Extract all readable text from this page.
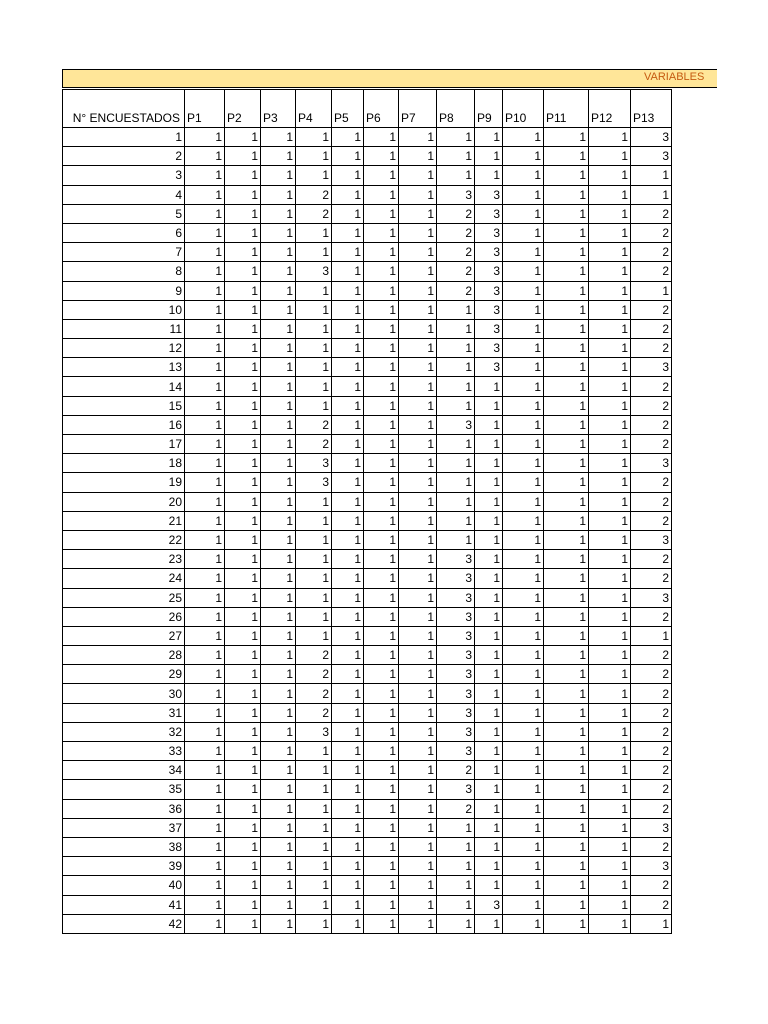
VARIABLES
N° ENCUESTADOS	P1	P2	P3	P4	P5	P6	P7	P8	P9	P10	P11	P12	P13
1	1	1	1	1	1	1	1	1	1	1	1	1	3
2	1	1	1	1	1	1	1	1	1	1	1	1	3
3	1	1	1	1	1	1	1	1	1	1	1	1	1
4	1	1	1	2	1	1	1	3	3	1	1	1	1
5	1	1	1	2	1	1	1	2	3	1	1	1	2
6	1	1	1	1	1	1	1	2	3	1	1	1	2
7	1	1	1	1	1	1	1	2	3	1	1	1	2
8	1	1	1	3	1	1	1	2	3	1	1	1	2
9	1	1	1	1	1	1	1	2	3	1	1	1	1
10	1	1	1	1	1	1	1	1	3	1	1	1	2
11	1	1	1	1	1	1	1	1	3	1	1	1	2
12	1	1	1	1	1	1	1	1	3	1	1	1	2
13	1	1	1	1	1	1	1	1	3	1	1	1	3
14	1	1	1	1	1	1	1	1	1	1	1	1	2
15	1	1	1	1	1	1	1	1	1	1	1	1	2
16	1	1	1	2	1	1	1	3	1	1	1	1	2
17	1	1	1	2	1	1	1	1	1	1	1	1	2
18	1	1	1	3	1	1	1	1	1	1	1	1	3
19	1	1	1	3	1	1	1	1	1	1	1	1	2
20	1	1	1	1	1	1	1	1	1	1	1	1	2
21	1	1	1	1	1	1	1	1	1	1	1	1	2
22	1	1	1	1	1	1	1	1	1	1	1	1	3
23	1	1	1	1	1	1	1	3	1	1	1	1	2
24	1	1	1	1	1	1	1	3	1	1	1	1	2
25	1	1	1	1	1	1	1	3	1	1	1	1	3
26	1	1	1	1	1	1	1	3	1	1	1	1	2
27	1	1	1	1	1	1	1	3	1	1	1	1	1
28	1	1	1	2	1	1	1	3	1	1	1	1	2
29	1	1	1	2	1	1	1	3	1	1	1	1	2
30	1	1	1	2	1	1	1	3	1	1	1	1	2
31	1	1	1	2	1	1	1	3	1	1	1	1	2
32	1	1	1	3	1	1	1	3	1	1	1	1	2
33	1	1	1	1	1	1	1	3	1	1	1	1	2
34	1	1	1	1	1	1	1	2	1	1	1	1	2
35	1	1	1	1	1	1	1	3	1	1	1	1	2
36	1	1	1	1	1	1	1	2	1	1	1	1	2
37	1	1	1	1	1	1	1	1	1	1	1	1	3
38	1	1	1	1	1	1	1	1	1	1	1	1	2
39	1	1	1	1	1	1	1	1	1	1	1	1	3
40	1	1	1	1	1	1	1	1	1	1	1	1	2
41	1	1	1	1	1	1	1	1	3	1	1	1	2
42	1	1	1	1	1	1	1	1	1	1	1	1	1
